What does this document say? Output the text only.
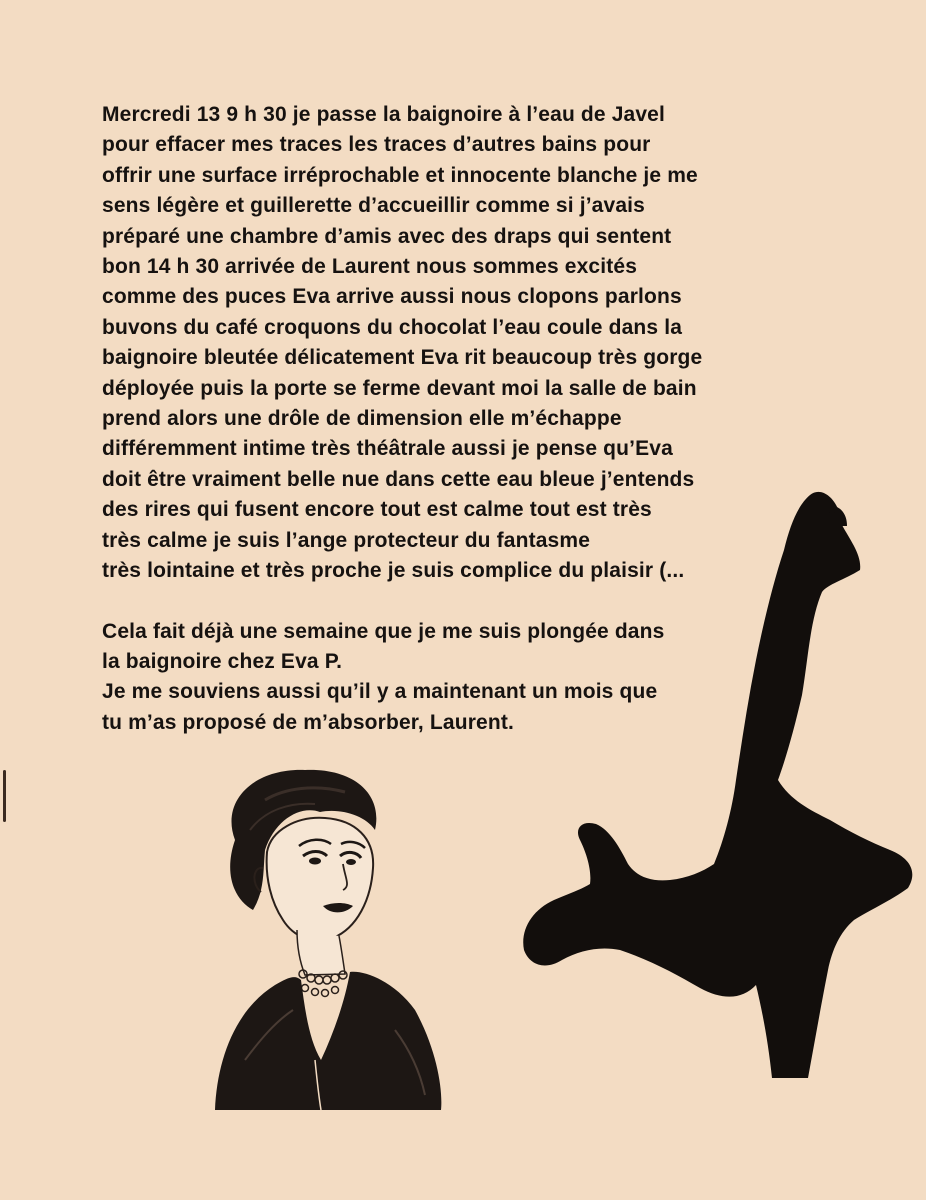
Mercredi 13 9 h 30 je passe la baignoire à l’eau de Javel
pour effacer mes traces les traces d’autres bains pour
offrir une surface irréprochable et innocente blanche je me
sens légère et guillerette d’accueillir comme si j’avais
préparé une chambre d’amis avec des draps qui sentent
bon 14 h 30 arrivée de Laurent nous sommes excités
comme des puces Eva arrive aussi nous clopons parlons
buvons du café croquons du chocolat l’eau coule dans la
baignoire bleutée délicatement Eva rit beaucoup très gorge
déployée puis la porte se ferme devant moi la salle de bain
prend alors une drôle de dimension elle m’échappe
différemment intime très théâtrale aussi je pense qu’Eva
doit être vraiment belle nue dans cette eau bleue j’entends
des rires qui fusent encore tout est calme tout est très
très calme je suis l’ange protecteur du fantasme
très lointaine et très proche je suis complice du plaisir (...
Cela fait déjà une semaine que je me suis plongée dans
la baignoire chez Eva P.
Je me souviens aussi qu’il y a maintenant un mois que
tu m’as proposé de m’absorber, Laurent.
